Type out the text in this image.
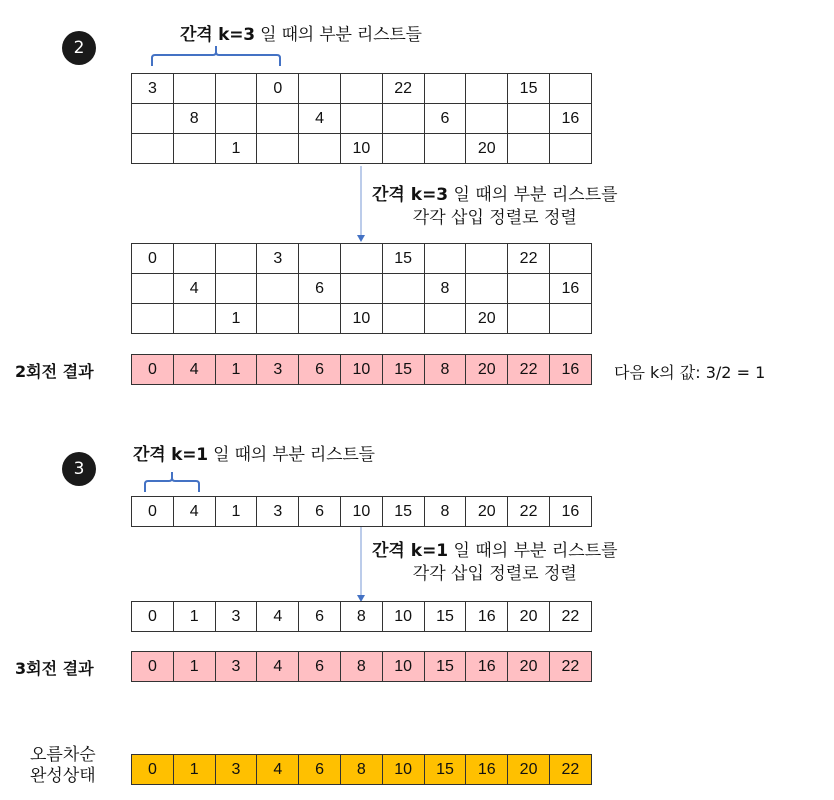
2
간격 k=3 일 때의 부분 리스트들
3			0			22			15	
	8			4			6			16
		1			10			20		
간격 k=3 일 때의 부분 리스트를
각각 삽입 정렬로 정렬
0			3			15			22	
	4			6			8			16
		1			10			20		
2회전 결과	0	4	1	3	6	10	15	8	20	22	16 다음 k의 값: 3/2 = 1
3
간격 k=1 일 때의 부분 리스트들
0	4	1	3	6	10	15	8	20	22	16
간격 k=1 일 때의 부분 리스트를
각각 삽입 정렬로 정렬
0	1	3	4	6	8	10	15	16	20	22
3회전 결과	0	1	3	4	6	8	10	15	16	20	22
오름차순
완성상태	0	1	3	4	6	8	10	15	16	20	22
